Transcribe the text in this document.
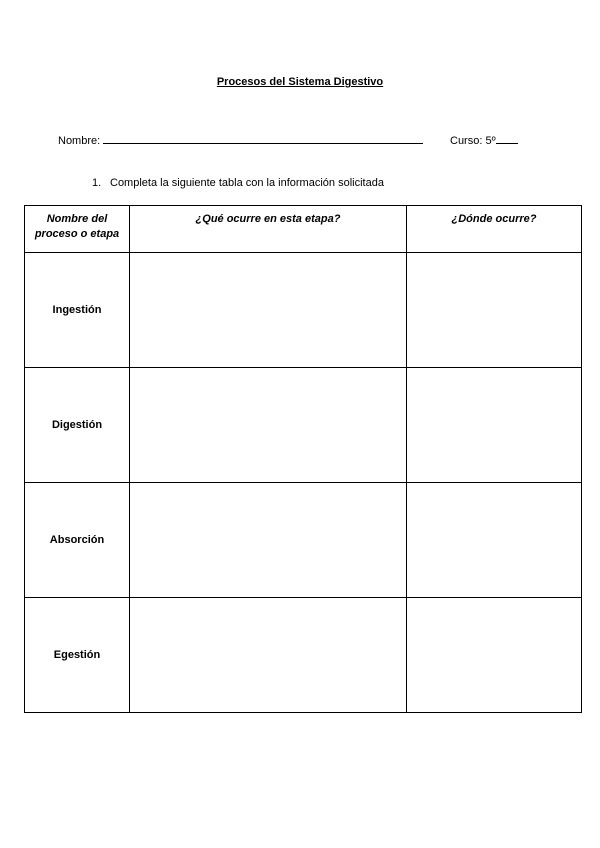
Procesos del Sistema Digestivo
Nombre:	Curso: 5º
1. Completa la siguiente tabla con la información solicitada
Nombre del proceso o etapa	¿Qué ocurre en esta etapa?	¿Dónde ocurre?
Ingestión		
Digestión		
Absorción		
Egestión		
